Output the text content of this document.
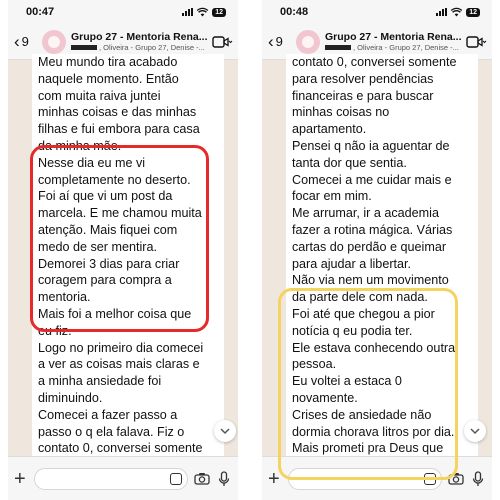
00:47	12
‹ 9	Grupo 27 - Mentoria Rena...
, Oliveira - Grupo 27, Denise -...

Meu mundo tira acabado

naquele momento. Então

com muita raiva juntei

minhas coisas e das minhas

filhas e fui embora para casa

da minha mãe.

Nesse dia eu me vi

completamente no deserto.

Foi aí que vi um post da

marcela. E me chamou muita

atenção. Mais fiquei com

medo de ser mentira.

Demorei 3 dias para criar

coragem para compra a

mentoria.

Mais foi a melhor coisa que

eu fiz.

Logo no primeiro dia comecei

a ver as coisas mais claras e

a minha ansiedade foi

diminuindo.

Comecei a fazer passo a

passo o q ela falava. Fiz o

contato 0, conversei somente

+
00:48	12
‹ 9	Grupo 27 - Mentoria Rena...
, Oliveira - Grupo 27, Denise -...

contato 0, conversei somente

para resolver pendências

financeiras e para buscar

minhas coisas no

apartamento.

Pensei q não ia aguentar de

tanta dor que sentia.

Comecei a me cuidar mais e

focar em mim.

Me arrumar, ir a academia

fazer a rotina mágica. Várias

cartas do perdão e queimar

para ajudar a libertar.

Não via nem um movimento

da parte dele com nada.

Foi até que chegou a pior

notícia q eu podia ter.

Ele estava conhecendo outra

pessoa.

Eu voltei a estaca 0

novamente.

Crises de ansiedade não

dormia chorava litros por dia.

Mais prometi pra Deus que

+
